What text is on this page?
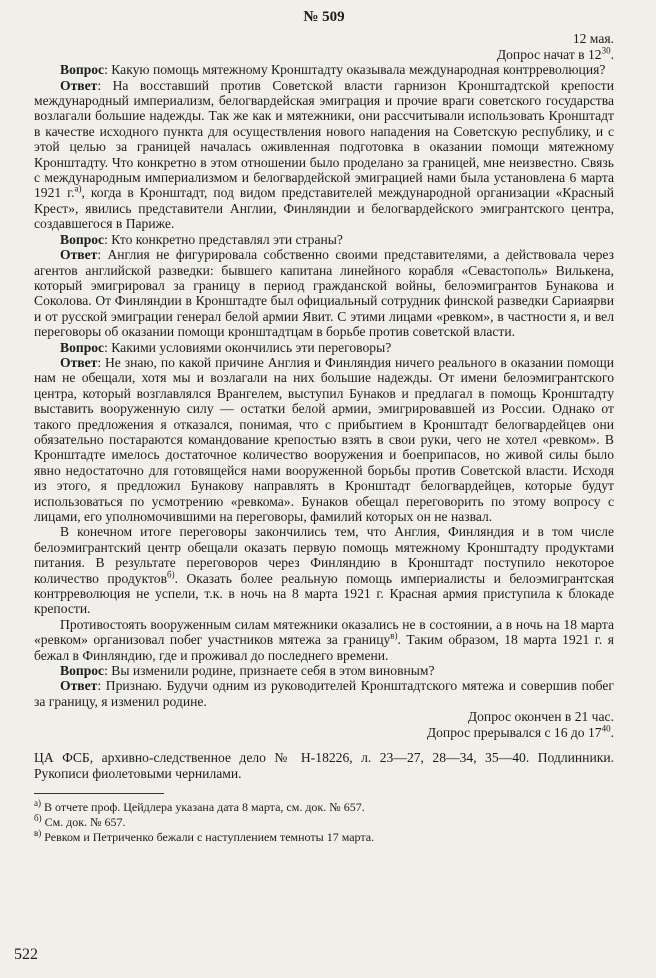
№ 509
12 мая.
Допрос начат в $12^{30}$.

Вопрос: Какую помощь мятежному Кронштадту оказывала международная контрреволюция?

Ответ: На восставший против Советской власти гарнизон Кронштадтской крепости международный империализм, белогвардейская эмиграция и прочие враги советского государства возлагали большие надежды. Так же как и мятежники, они рассчитывали использовать Кронштадт в качестве исходного пункта для осуществления нового нападения на Советскую республику, и с этой целью за границей началась оживленная подготовка в оказании помощи мятежному Кронштадту. Что конкретно в этом отношении было проделано за границей, мне неизвестно. Связь с международным империализмом и белогвардейской эмиграцией нами была установлена 6 марта 1921 г.$^{а)}$, когда в Кронштадт, под видом представителей международной организации «Красный Крест», явились представители Англии, Финляндии и белогвардейского эмигрантского центра, создавшегося в Париже.

Вопрос: Кто конкретно представлял эти страны?

Ответ: Англия не фигурировала собственно своими представителями, а действовала через агентов английской разведки: бывшего капитана линейного корабля «Севастополь» Вилькена, который эмигрировал за границу в период гражданской войны, белоэмигрантов Бунакова и Соколова. От Финляндии в Кронштадте был официальный сотрудник финской разведки Сариаярви и от русской эмиграции генерал белой армии Явит. С этими лицами «ревком», в частности я, и вел переговоры об оказании помощи кронштадтцам в борьбе против советской власти.

Вопрос: Какими условиями окончились эти переговоры?

Ответ: Не знаю, по какой причине Англия и Финляндия ничего реального в оказании помощи нам не обещали, хотя мы и возлагали на них большие надежды. От имени белоэмигрантского центра, который возглавлялся Врангелем, выступил Бунаков и предлагал в помощь Кронштадту выставить вооруженную силу — остатки белой армии, эмигрировавшей из России. Однако от такого предложения я отказался, понимая, что с прибытием в Кронштадт белогвардейцев они обязательно постараются командование крепостью взять в свои руки, чего не хотел «ревком». В Кронштадте имелось достаточное количество вооружения и боеприпасов, но живой силы было явно недостаточно для готовящейся нами вооруженной борьбы против Советской власти. Исходя из этого, я предложил Бунакову направлять в Кронштадт белогвардейцев, которые будут использоваться по усмотрению «ревкома». Бунаков обещал переговорить по этому вопросу с лицами, его уполномочившими на переговоры, фамилий которых он не назвал.

В конечном итоге переговоры закончились тем, что Англия, Финляндия и в том числе белоэмигрантский центр обещали оказать первую помощь мятежному Кронштадту продуктами питания. В результате переговоров через Финляндию в Кронштадт поступило некоторое количество продуктов$^{б)}$. Оказать более реальную помощь империалисты и белоэмигрантская контрреволюция не успели, т.к. в ночь на 8 марта 1921 г. Красная армия приступила к блокаде крепости.

Противостоять вооруженным силам мятежники оказались не в состоянии, а в ночь на 18 марта «ревком» организовал побег участников мятежа за границу$^{в)}$. Таким образом, 18 марта 1921 г. я бежал в Финляндию, где и проживал до последнего времени.

Вопрос: Вы изменили родине, признаете себя в этом виновным?

Ответ: Признаю. Будучи одним из руководителей Кронштадтского мятежа и совершив побег за границу, я изменил родине.

Допрос окончен в 21 час.
Допрос прерывался с 16 до $17^{40}$.

ЦА ФСБ, архивно-следственное дело № Н-18226, л. 23—27, 28—34, 35—40. Подлинники. Рукописи фиолетовыми чернилами.

$^{а)}$ В отчете проф. Цейдлера указана дата 8 марта, см. док. № 657.
$^{б)}$ См. док. № 657.
$^{в)}$ Ревком и Петриченко бежали с наступлением темноты 17 марта.
522
